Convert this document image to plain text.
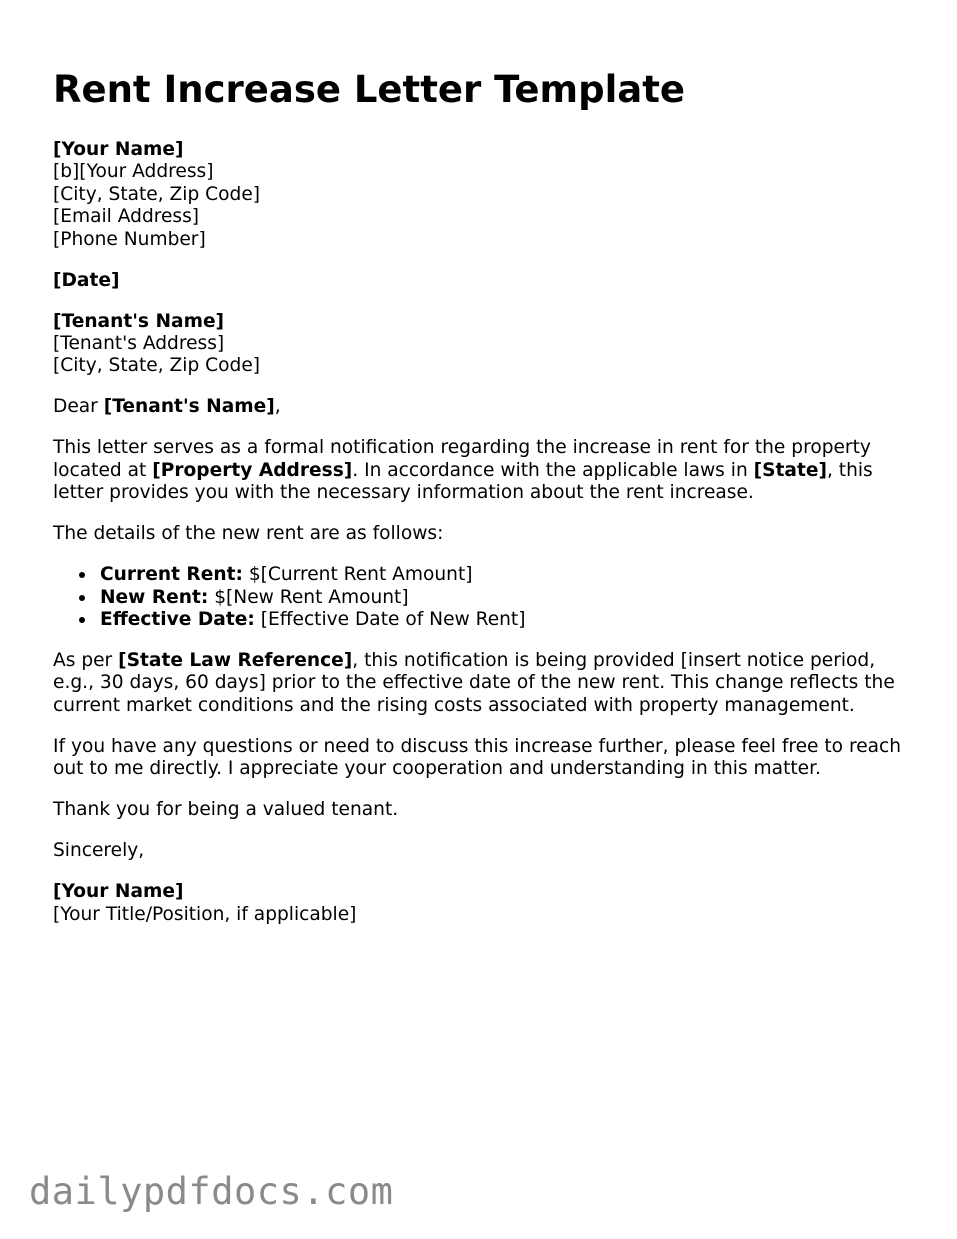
Rent Increase Letter Template
[Your Name]
[b][Your Address]
[City, State, Zip Code]
[Email Address]
[Phone Number]
[Date]
[Tenant's Name]
[Tenant's Address]
[City, State, Zip Code]

Dear [Tenant's Name],

This letter serves as a formal notification regarding the increase in rent for the property located at [Property Address]. In accordance with the applicable laws in [State], this letter provides you with the necessary information about the rent increase.

The details of the new rent are as follows:

Current Rent: $[Current Rent Amount]
New Rent: $[New Rent Amount]
Effective Date: [Effective Date of New Rent]

As per [State Law Reference], this notification is being provided [insert notice period, e.g., 30 days, 60 days] prior to the effective date of the new rent. This change reflects the current market conditions and the rising costs associated with property management.

If you have any questions or need to discuss this increase further, please feel free to reach out to me directly. I appreciate your cooperation and understanding in this matter.

Thank you for being a valued tenant.

Sincerely,

[Your Name]
[Your Title/Position, if applicable]
dailypdfdocs.com
